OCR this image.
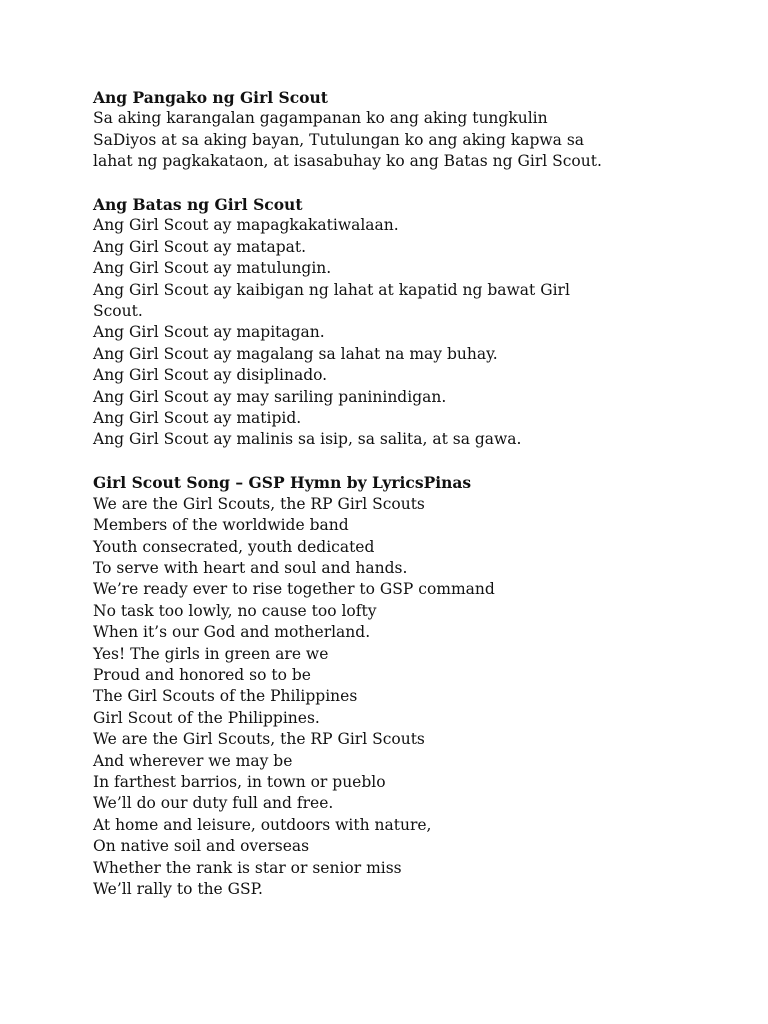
Ang Pangako ng Girl Scout
Sa aking karangalan gagampanan ko ang aking tungkulin
SaDiyos at sa aking bayan, Tutulungan ko ang aking kapwa sa
lahat ng pagkakataon, at isasabuhay ko ang Batas ng Girl Scout.
Ang Batas ng Girl Scout
Ang Girl Scout ay mapagkakatiwalaan.
Ang Girl Scout ay matapat.
Ang Girl Scout ay matulungin.
Ang Girl Scout ay kaibigan ng lahat at kapatid ng bawat Girl
Scout.
Ang Girl Scout ay mapitagan.
Ang Girl Scout ay magalang sa lahat na may buhay.
Ang Girl Scout ay disiplinado.
Ang Girl Scout ay may sariling paninindigan.
Ang Girl Scout ay matipid.
Ang Girl Scout ay malinis sa isip, sa salita, at sa gawa.
Girl Scout Song – GSP Hymn by LyricsPinas
We are the Girl Scouts, the RP Girl Scouts
Members of the worldwide band
Youth consecrated, youth dedicated
To serve with heart and soul and hands.
We’re ready ever to rise together to GSP command
No task too lowly, no cause too lofty
When it’s our God and motherland.
Yes! The girls in green are we
Proud and honored so to be
The Girl Scouts of the Philippines
Girl Scout of the Philippines.
We are the Girl Scouts, the RP Girl Scouts
And wherever we may be
In farthest barrios, in town or pueblo
We’ll do our duty full and free.
At home and leisure, outdoors with nature,
On native soil and overseas
Whether the rank is star or senior miss
We’ll rally to the GSP.
